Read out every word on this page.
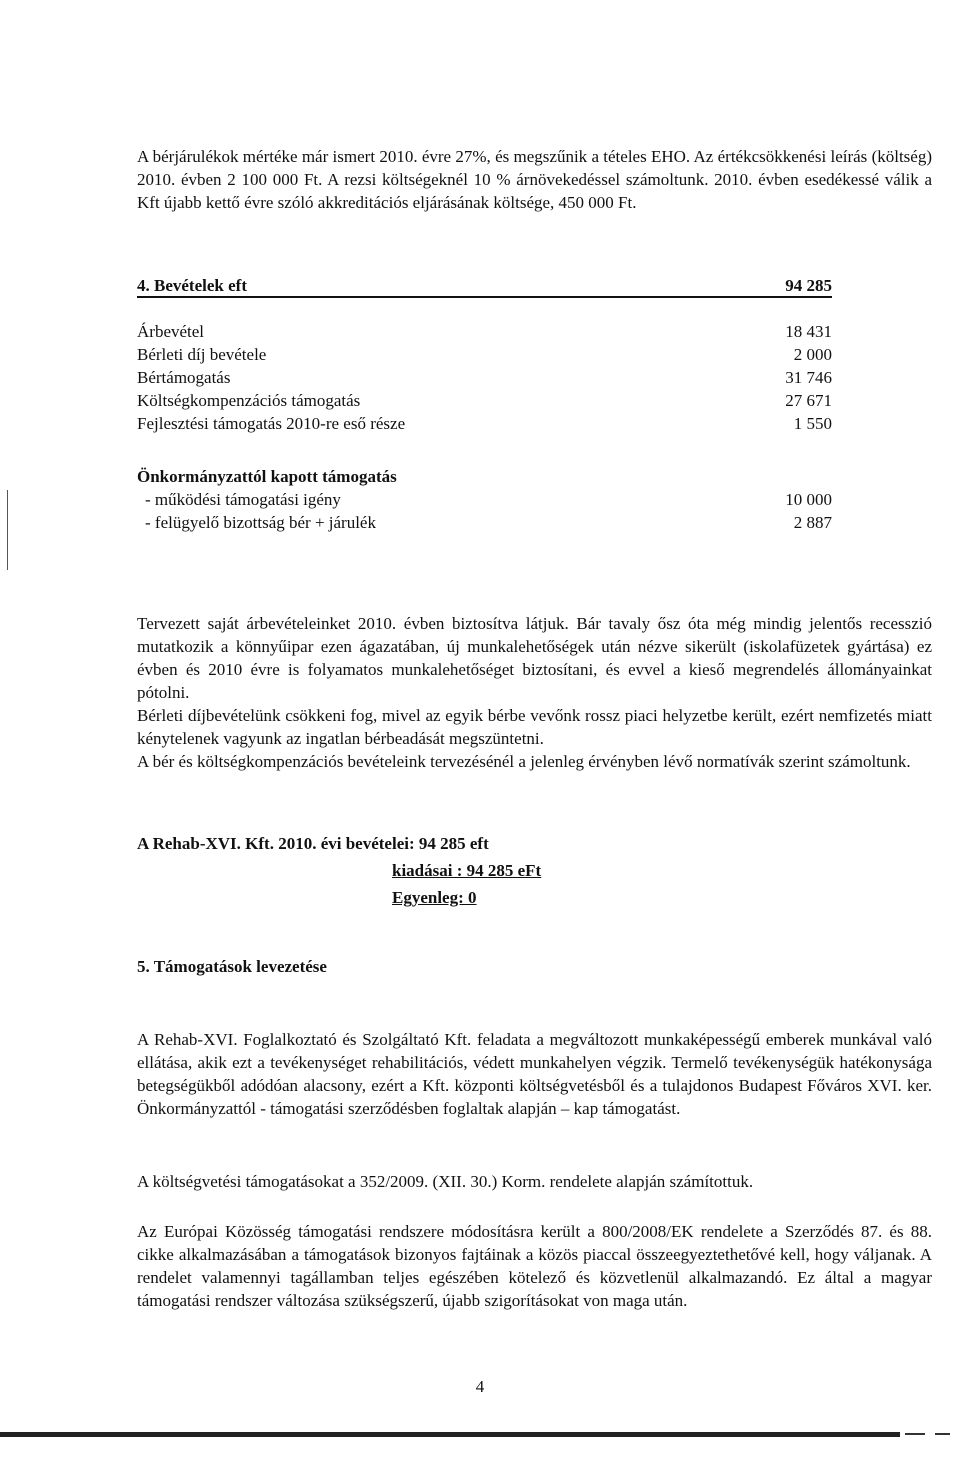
A bérjárulékok mértéke már ismert 2010. évre 27%, és megszűnik a tételes EHO. Az értékcsökkenési leírás (költség) 2010. évben 2 100 000 Ft. A rezsi költségeknél 10 % árnövekedéssel számoltunk. 2010. évben esedékessé válik a Kft újabb kettő évre szóló akkreditációs eljárásának költsége, 450 000 Ft.

4. Bevételek eft	94 285
Árbevétel	18 431
Bérleti díj bevétele	2 000
Bértámogatás	31 746
Költségkompenzációs támogatás	27 671
Fejlesztési támogatás 2010-re eső része	1 550
Önkormányzattól kapott támogatás
- működési támogatási igény	10 000
- felügyelő bizottság bér + járulék	2 887

Tervezett saját árbevételeinket 2010. évben biztosítva látjuk. Bár tavaly ősz óta még mindig jelentős recesszió mutatkozik a könnyűipar ezen ágazatában, új munkalehetőségek után nézve sikerült (iskolafüzetek gyártása) ez évben és 2010 évre is folyamatos munkalehetőséget biztosítani, és evvel a kieső megrendelés állományainkat pótolni.

Bérleti díjbevételünk csökkeni fog, mivel az egyik bérbe vevőnk rossz piaci helyzetbe került, ezért nemfizetés miatt kénytelenek vagyunk az ingatlan bérbeadását megszüntetni.

A bér és költségkompenzációs bevételeink tervezésénél a jelenleg érvényben lévő normatívák szerint számoltunk.

A Rehab-XVI. Kft. 2010. évi bevételei: 94 285 eft
kiadásai : 94 285 eFt
Egyenleg: 0
5. Támogatások levezetése

A Rehab-XVI. Foglalkoztató és Szolgáltató Kft. feladata a megváltozott munkaképességű emberek munkával való ellátása, akik ezt a tevékenységet rehabilitációs, védett munkahelyen végzik. Termelő tevékenységük hatékonysága betegségükből adódóan alacsony, ezért a Kft. központi költségvetésből és a tulajdonos Budapest Főváros XVI. ker. Önkormányzattól - támogatási szerződésben foglaltak alapján – kap támogatást.

A költségvetési támogatásokat a 352/2009. (XII. 30.) Korm. rendelete alapján számítottuk.

Az Európai Közösség támogatási rendszere módosításra került a 800/2008/EK rendelete a Szerződés 87. és 88. cikke alkalmazásában a támogatások bizonyos fajtáinak a közös piaccal összeegyeztethetővé kell, hogy váljanak. A rendelet valamennyi tagállamban teljes egészében kötelező és közvetlenül alkalmazandó. Ez által a magyar támogatási rendszer változása szükségszerű, újabb szigorításokat von maga után.

4
